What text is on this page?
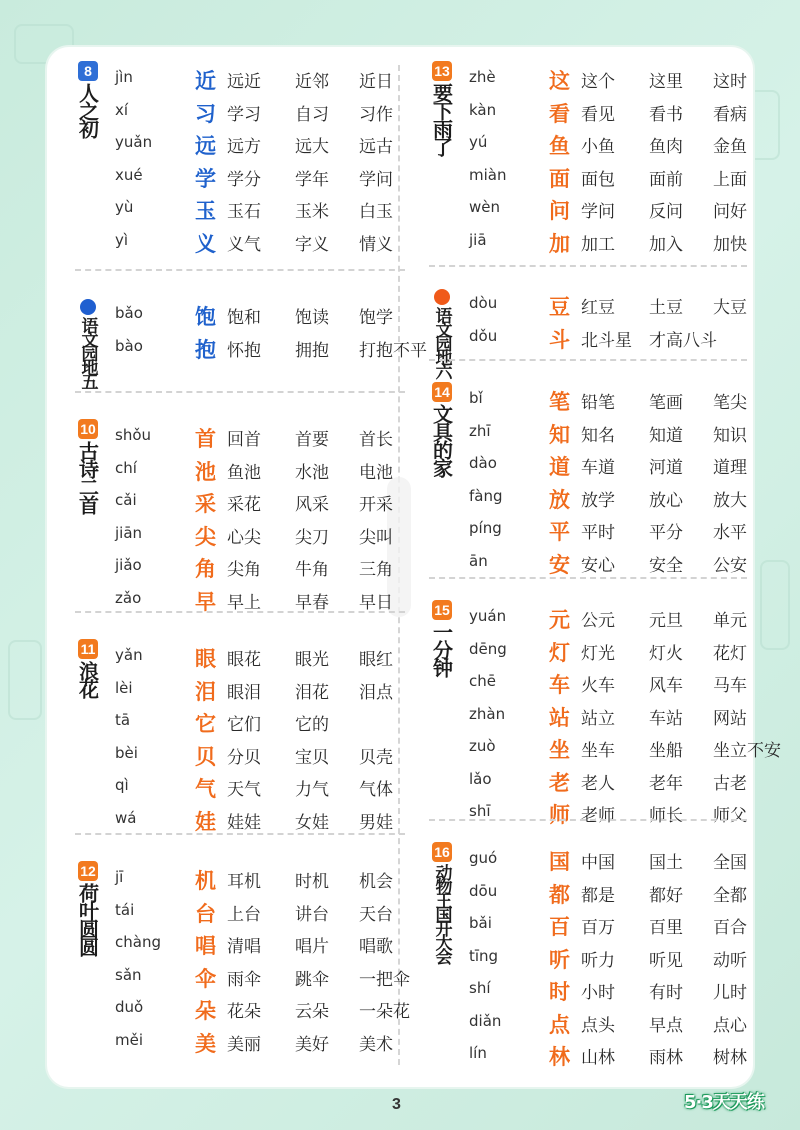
8
人之初
jìn	近 远近 近邻 近日
xí	习 学习 自习 习作
yuǎn 远 远方 远大 远古
xué 学 学分 学年 学问
yù	玉 玉石 玉米 白玉
yì	义 义气 字义 情义
语文园地五
bǎo 饱 饱和 饱读 饱学
bào 抱 怀抱 拥抱 打抱不平
10
古诗二首
shǒu 首 回首 首要 首长
chí	池 鱼池 水池 电池
cǎi	采 采花 风采 开采
jiān	尖 心尖 尖刀 尖叫
jiǎo	角 尖角 牛角 三角
zǎo	早 早上 早春 早日
11
浪花
yǎn 眼 眼花 眼光 眼红
lèi	泪 眼泪 泪花 泪点
tā	它 它们 它的
bèi	贝 分贝 宝贝 贝壳
qì	气 天气 力气 气体
wá	娃 娃娃 女娃 男娃
12
荷叶圆圆
jī	机 耳机 时机 机会
tái	台 上台 讲台 天台
chàng 唱 清唱 唱片 唱歌
sǎn	伞 雨伞 跳伞 一把伞
duǒ 朵 花朵 云朵 一朵花
měi 美 美丽 美好 美术
13
要下雨了
zhè	这 这个 这里 这时
kàn	看 看见 看书 看病
yú	鱼 小鱼 鱼肉 金鱼
miàn 面 面包 面前 上面
wèn 问 学问 反问 问好
jiā	加 加工 加入 加快
语文园地六
dòu 豆 红豆 土豆 大豆
dǒu 斗 北斗星 才高八斗
14
文具的家
bǐ	笔 铅笔 笔画 笔尖
zhī	知 知名 知道 知识
dào 道 车道 河道 道理
fàng 放 放学 放心 放大
píng 平 平时 平分 水平
ān	安 安心 安全 公安
15
一分钟
yuán 元 公元 元旦 单元
dēng 灯 灯光 灯火 花灯
chē	车 火车 风车 马车
zhàn 站 站立 车站 网站
zuò	坐 坐车 坐船 坐立不安
lǎo	老 老人 老年 古老
shī	师 老师 师长 师父
16
动物王国开大会
guó 国 中国 国土 全国
dōu 都 都是 都好 全都
bǎi	百 百万 百里 百合
tīng 听 听力 听见 动听
shí	时 小时 有时 儿时
diǎn 点 点头 早点 点心
lín	林 山林 雨林 树林
3	5·3天天练
